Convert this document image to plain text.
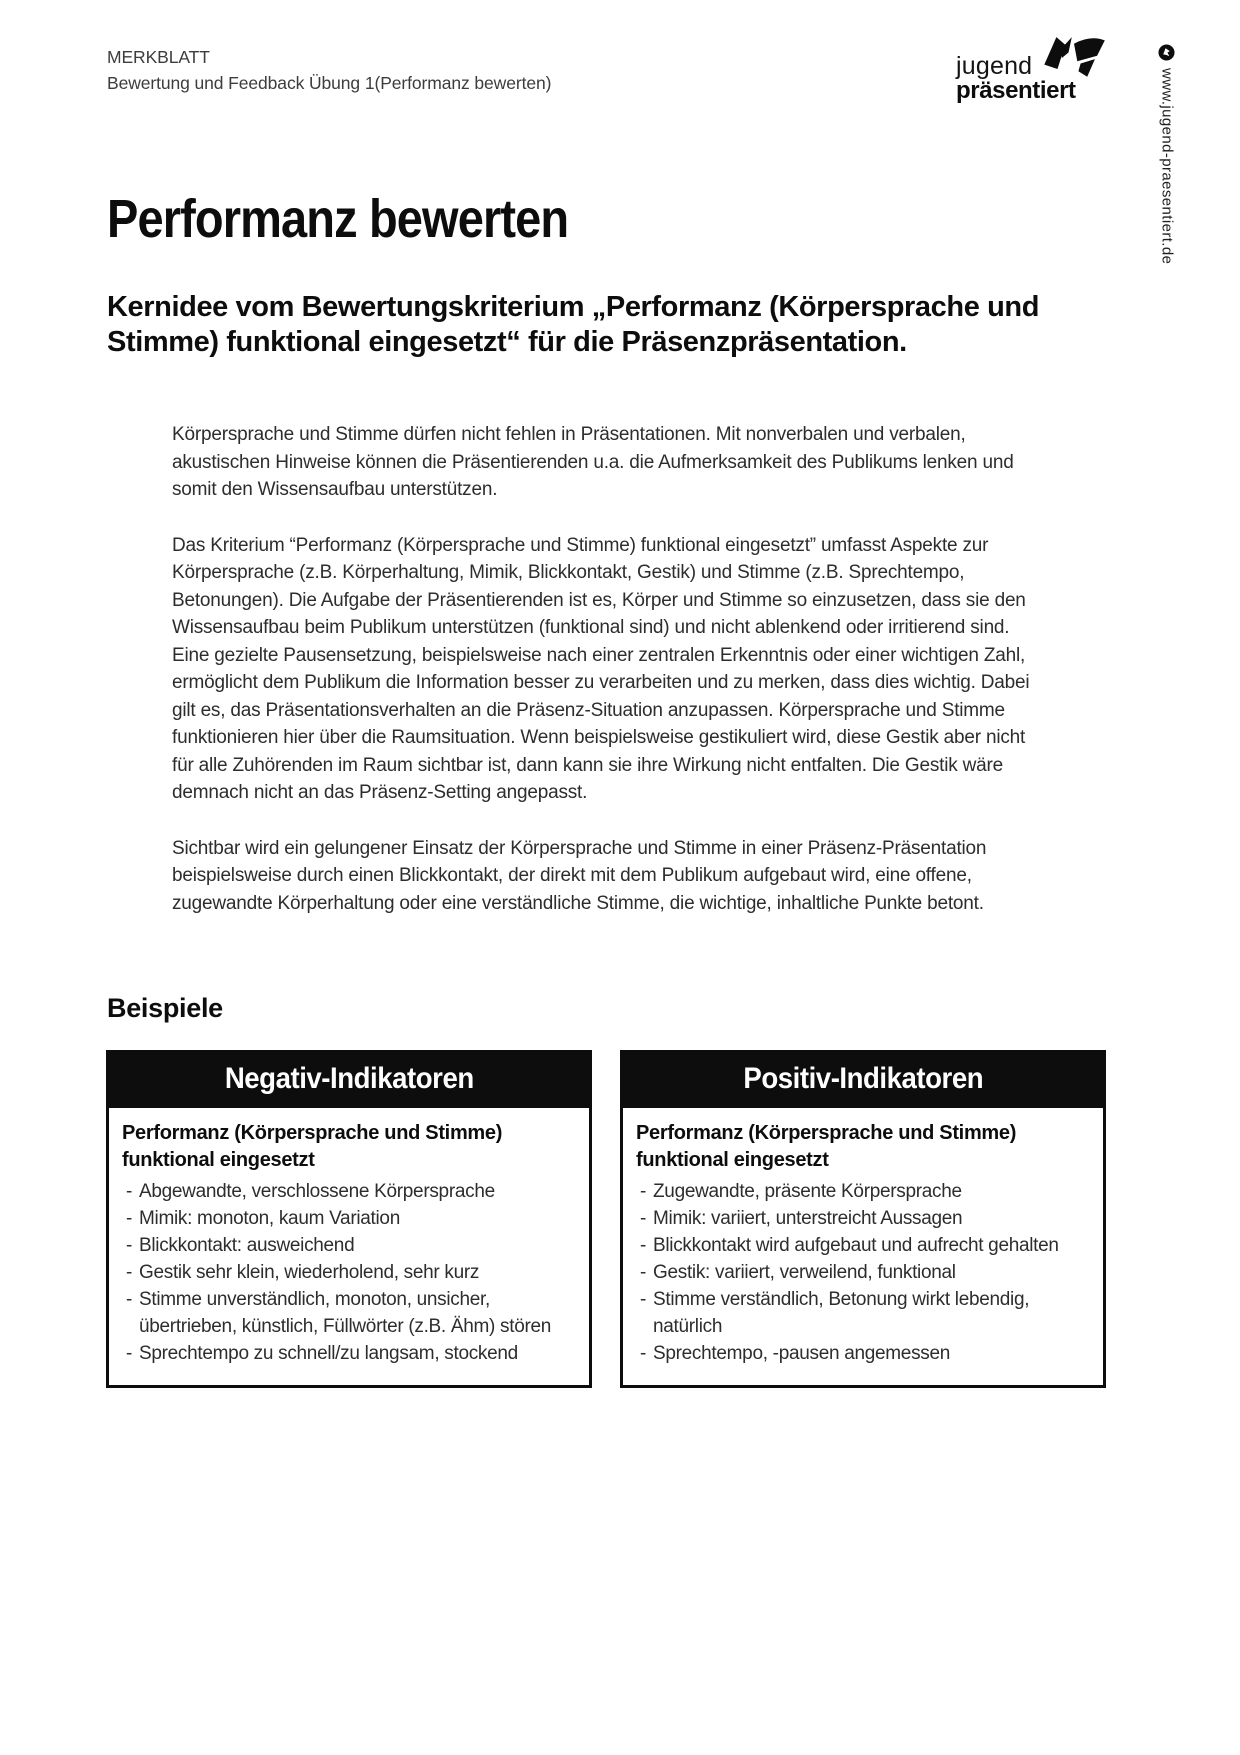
MERKBLATT
Bewertung und Feedback Übung 1(Performanz bewerten)
jugend
präsentiert	www.jugend-praesentiert.de
Performanz bewerten
Kernidee vom Bewertungskriterium „Performanz (Körpersprache und Stimme) funktional eingesetzt“ für die Präsenzpräsentation.

Körpersprache und Stimme dürfen nicht fehlen in Präsentationen. Mit nonverbalen und verbalen, akustischen Hinweise können die Präsentierenden u.a. die Aufmerksamkeit des Publikums lenken und somit den Wissensaufbau unterstützen.

Das Kriterium “Performanz (Körpersprache und Stimme) funktional eingesetzt” umfasst Aspekte zur Körpersprache (z.B. Körperhaltung, Mimik, Blickkontakt, Gestik) und Stimme (z.B. Sprechtempo, Betonungen). Die Aufgabe der Präsentierenden ist es, Körper und Stimme so einzusetzen, dass sie den Wissensaufbau beim Publikum unterstützen (funktional sind) und nicht ablenkend oder irritierend sind. Eine gezielte Pausensetzung, beispielsweise nach einer zentralen Erkenntnis oder einer wichtigen Zahl, ermöglicht dem Publikum die Information besser zu verarbeiten und zu merken, dass dies wichtig. Dabei gilt es, das Präsentationsverhalten an die Präsenz-Situation anzupassen. Körpersprache und Stimme funktionieren hier über die Raumsituation. Wenn beispielsweise gestikuliert wird, diese Gestik aber nicht für alle Zuhörenden im Raum sichtbar ist, dann kann sie ihre Wirkung nicht entfalten. Die Gestik wäre demnach nicht an das Präsenz-Setting angepasst.

Sichtbar wird ein gelungener Einsatz der Körpersprache und Stimme in einer Präsenz-Präsentation beispielsweise durch einen Blickkontakt, der direkt mit dem Publikum aufgebaut wird, eine offene, zugewandte Körperhaltung oder eine verständliche Stimme, die wichtige, inhaltliche Punkte betont.

Beispiele
Negativ-Indikatoren
Performanz (Körpersprache und Stimme) funktional eingesetzt
- Abgewandte, verschlossene Körpersprache
- Mimik: monoton, kaum Variation
- Blickkontakt: ausweichend
- Gestik sehr klein, wiederholend, sehr kurz
- Stimme unverständlich, monoton, unsicher, übertrieben, künstlich, Füllwörter (z.B. Ähm) stören
- Sprechtempo zu schnell/zu langsam, stockend
Positiv-Indikatoren
Performanz (Körpersprache und Stimme) funktional eingesetzt
- Zugewandte, präsente Körpersprache
- Mimik: variiert, unterstreicht Aussagen
- Blickkontakt wird aufgebaut und aufrecht gehalten
- Gestik: variiert, verweilend, funktional
- Stimme verständlich, Betonung wirkt lebendig, natürlich
- Sprechtempo, -pausen angemessen
